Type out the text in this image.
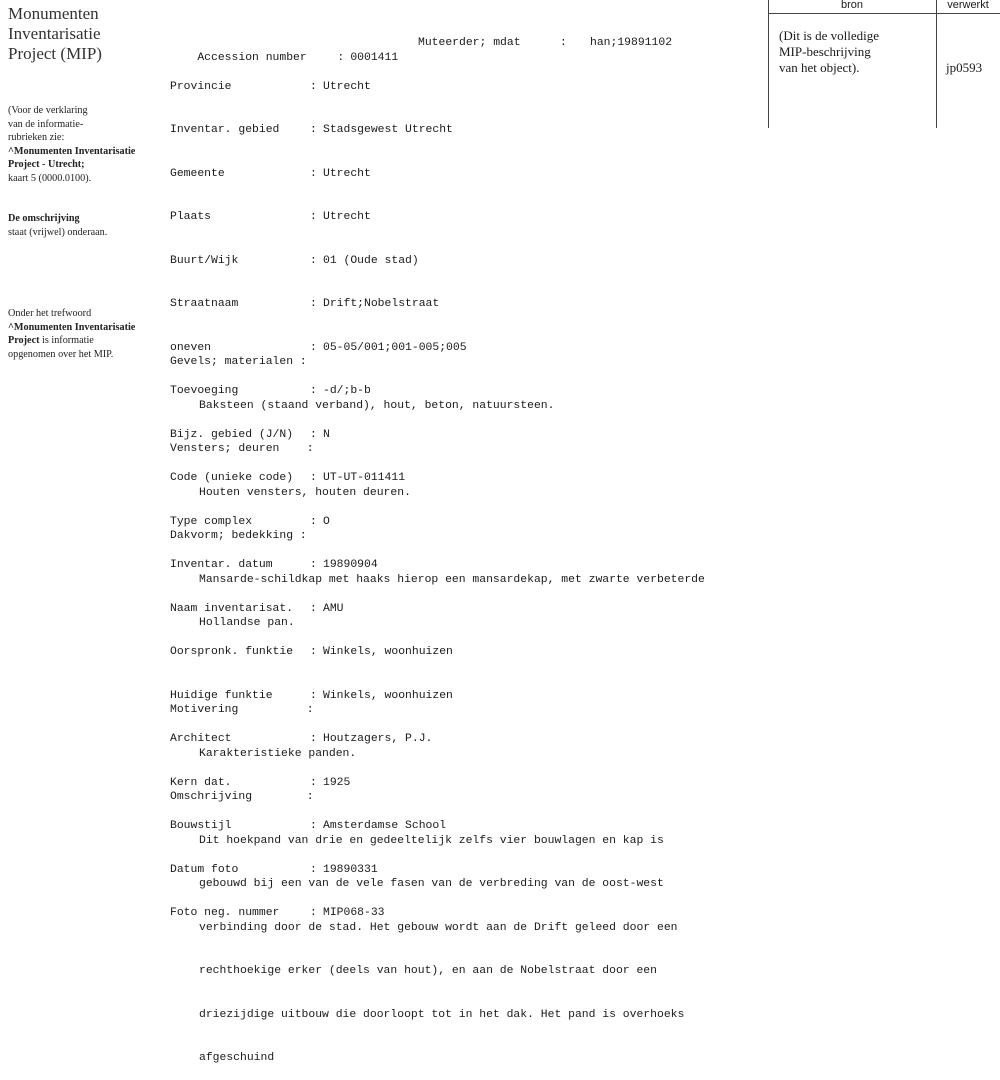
Monumenten
Inventarisatie
Project (MIP)
(Voor de verklaring
van de informatie-
rubrieken zie:
^Monumenten Inventarisatie
Project - Utrecht;
kaart 5 (0000.0100).
De omschrijving
staat (vrijwel) onderaan.
Onder het trefwoord
^Monumenten Inventarisatie
Project is informatie
opgenomen over het MIP.
bron	verwerkt
(Dit is de volledige
MIP-beschrijving
van het object).	jp0593

Accession number	: 0001411

Muteerder; mdat

	:

han;19891102

Provincie	: Utrecht

Inventar. gebied	: Stadsgewest Utrecht

Gemeente	: Utrecht

Plaats	: Utrecht

Buurt/Wijk	: 01 (Oude stad)

Straatnaam	: Drift;Nobelstraat

oneven	: 05-05/001;001-005;005

Toevoeging	: -d/;b-b

Bijz. gebied (J/N) : N

Code (unieke code) : UT-UT-011411

Type complex	: O

Inventar. datum	: 19890904

Naam inventarisat. : AMU

Oorspronk. funktie : Winkels, woonhuizen

Huidige funktie	: Winkels, woonhuizen

Architect	: Houtzagers, P.J.

Kern dat.	: 1925

Bouwstijl	: Amsterdamse School

Datum foto	: 19890331

Foto neg. nummer	: MIP068-33

Gevels; materialen :

Baksteen (staand verband), hout, beton, natuursteen.

Vensters; deuren    :

Houten vensters, houten deuren.

Dakvorm; bedekking :

Mansarde-schildkap met haaks hierop een mansardekap, met zwarte verbeterde

Hollandse pan.

Motivering          :

Karakteristieke panden.

Omschrijving        :

Dit hoekpand van drie en gedeeltelijk zelfs vier bouwlagen en kap is

gebouwd bij een van de vele fasen van de verbreding van de oost-west

verbinding door de stad. Het gebouw wordt aan de Drift geleed door een

rechthoekige erker (deels van hout), en aan de Nobelstraat door een

driezijdige uitbouw die doorloopt tot in het dak. Het pand is overhoeks

afgeschuind
